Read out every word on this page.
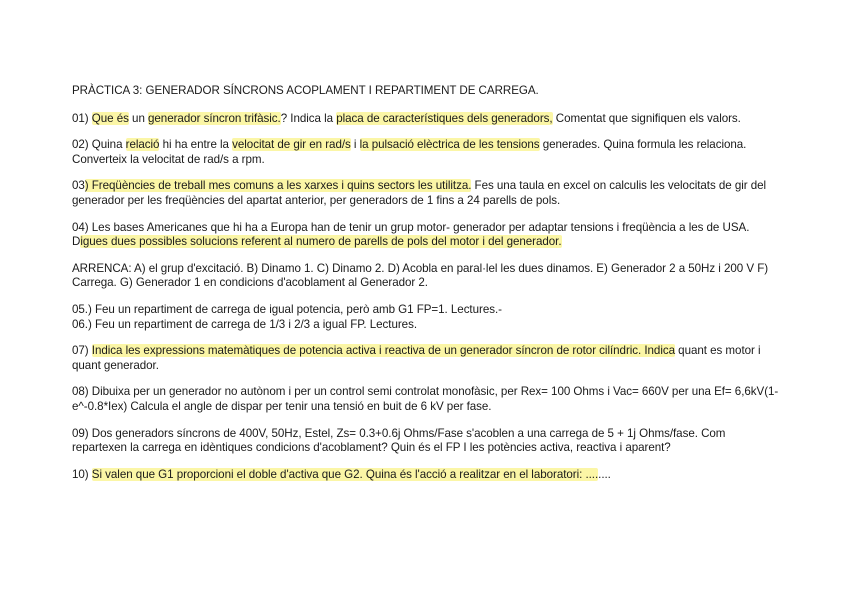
PRÀCTICA 3: GENERADOR SÍNCRONS ACOPLAMENT I REPARTIMENT DE CARREGA.

01) Que és un generador síncron trifàsic.? Indica la placa de característiques dels generadors, Comentat que signifiquen els valors.

02) Quina relació hi ha entre la velocitat de gir en rad/s i la pulsació elèctrica de les tensions generades. Quina formula les relaciona. Converteix la velocitat de rad/s a rpm.

03) Freqüències de treball mes comuns a les xarxes i quins sectors les utilitza. Fes una taula en excel on calculis les velocitats de gir del generador per les freqüències del apartat anterior, per generadors de 1 fins a 24 parells de pols.

04) Les bases Americanes que hi ha a Europa han de tenir un grup motor- generador per adaptar tensions i freqüència a les de USA. Digues dues possibles solucions referent al numero de parells de pols del motor i del generador.

ARRENCA: A) el grup d'excitació. B) Dinamo 1. C) Dinamo 2. D) Acobla en paral·lel les dues dinamos. E) Generador 2 a 50Hz i 200 V F) Carrega. G) Generador 1 en condicions d'acoblament al Generador 2.

05.) Feu un repartiment de carrega de igual potencia, però amb G1 FP=1. Lectures.-

06.) Feu un repartiment de carrega de 1/3 i 2/3 a igual FP. Lectures.

07) Indica les expressions matemàtiques de potencia activa i reactiva de un generador síncron de rotor cilíndric. Indica quant es motor i quant generador.

08) Dibuixa per un generador no autònom i per un control semi controlat monofàsic, per Rex= 100 Ohms i Vac= 660V per una Ef= 6,6kV(1-e^-0.8*Iex) Calcula el angle de dispar per tenir una tensió en buit de 6 kV per fase.

09) Dos generadors síncrons de 400V, 50Hz, Estel, Zs= 0.3+0.6j Ohms/Fase s'acoblen a una carrega de 5 + 1j Ohms/fase. Com repartexen la carrega en idèntiques condicions d'acoblament? Quin és el FP I les potències activa, reactiva i aparent?

10) Si valen que G1 proporcioni el doble d'activa que G2. Quina és l'acció a realitzar en el laboratori: ........
